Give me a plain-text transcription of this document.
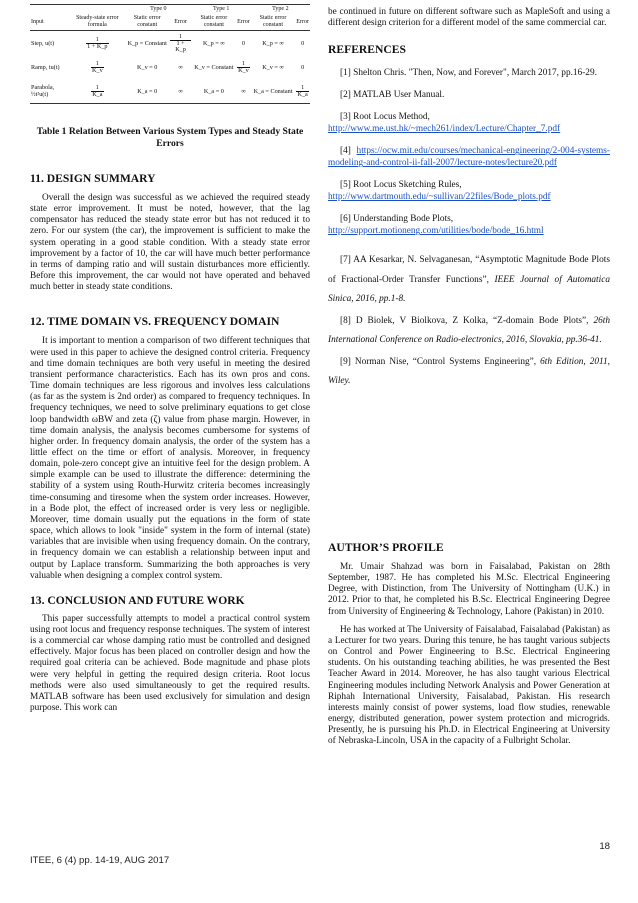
		Type 0		Type 1		Type 2	
Input	Steady-state error formula	Static error constant	Error	Static error constant	Error	Static error constant	Error
Step, u(t)	$\frac{1}{1 + K\_p}$	K_p = Constant	$\frac{1}{1 + K\_p}$	K_p = ∞	0	K_p = ∞	0
Ramp, tu(t)	$\frac{1}{K\_v}$	K_v = 0	∞	K_v = Constant	$\frac{1}{K\_v}$	K_v = ∞	0
Parabola, ½t²u(t)	$\frac{1}{K\_a}$	K_a = 0	∞	K_a = 0	∞	K_a = Constant	$\frac{1}{K\_a}$

Table 1 Relation Between Various System Types and Steady State Errors

11. DESIGN SUMMARY

Overall the design was successful as we achieved the required steady state error improvement. It must be noted, however, that the lag compensator has reduced the steady state error but has not reduced it to zero. For our system (the car), the improvement is sufficient to make the system operating in a good stable condition. With a steady state error improvement by a factor of 10, the car will have much better performance in terms of damping ratio and will sustain disturbances more efficiently. Before this improvement, the car would not have operated and behaved much better in steady state conditions.

12. TIME DOMAIN VS. FREQUENCY DOMAIN

It is important to mention a comparison of two different techniques that were used in this paper to achieve the designed control criteria. Frequency and time domain techniques are both very useful in meeting the desired transient performance characteristics. Each has its own pros and cons. Time domain techniques are less rigorous and involves less calculations (as far as the system is 2nd order) as compared to frequency techniques. In frequency techniques, we need to solve preliminary equations to get close loop bandwidth ωBW and zeta (ζ) value from phase margin. However, in time domain analysis, the analysis becomes cumbersome for systems of higher order. In frequency domain analysis, the order of the system has a little effect on the time or effort of analysis. Moreover, in frequency domain, pole-zero concept give an intuitive feel for the design problem. A simple example can be used to illustrate the difference: determining the stability of a system using Routh-Hurwitz criteria becomes increasingly time-consuming and tiresome when the system order increases. However, in a Bode plot, the effect of increased order is very less or negligible. Moreover, time domain usually put the equations in the form of state space, which allows to look "inside" system in the form of internal (state) variables that are invisible when using frequency domain. On the contrary, in frequency domain we can establish a relationship between input and output by Laplace transform. Summarizing the both approaches is very valuable when designing a complex control system.

13. CONCLUSION AND FUTURE WORK

This paper successfully attempts to model a practical control system using root locus and frequency response techniques. The system of interest is a commercial car whose damping ratio must be controlled and designed effectively. Major focus has been placed on controller design and how the required goal criteria can be achieved. Bode magnitude and phase plots were very helpful in getting the required design criteria. Root locus methods were also used simultaneously to get the required results. MATLAB software has been used exclusively for simulation and design purpose. This work can

be continued in future on different software such as MapleSoft and using a different design criterion for a different model of the same commercial car.

REFERENCES

[1] Shelton Chris. "Then, Now, and Forever", March 2017, pp.16-29.

[2] MATLAB User Manual.

[3] Root Locus Method,
http://www.me.ust.hk/~mech261/index/Lecture/Chapter_7.pdf

[4] https://ocw.mit.edu/courses/mechanical-engineering/2-004-systems-modeling-and-control-ii-fall-2007/lecture-notes/lecture20.pdf

[5] Root Locus Sketching Rules,
http://www.dartmouth.edu/~sullivan/22files/Bode_plots.pdf

[6] Understanding Bode Plots,
http://support.motioneng.com/utilities/bode/bode_16.html

[7] AA Kesarkar, N. Selvaganesan, “Asymptotic Magnitude Bode Plots of Fractional-Order Transfer Functions”, IEEE Journal of Automatica Sinica, 2016, pp.1-8.

[8] D Biolek, V Biolkova, Z Kolka, “Z-domain Bode Plots”, 26th International Conference on Radio-electronics, 2016, Slovakia, pp.36-41.

[9] Norman Nise, “Control Systems Engineering”, 6th Edition, 2011, Wiley.

AUTHOR’S PROFILE

Mr. Umair Shahzad was born in Faisalabad, Pakistan on 28th September, 1987. He has completed his M.Sc. Electrical Engineering Degree, with Distinction, from The University of Nottingham (U.K.) in 2012. Prior to that, he completed his B.Sc. Electrical Engineering Degree from University of Engineering & Technology, Lahore (Pakistan) in 2010.

He has worked at The University of Faisalabad, Faisalabad (Pakistan) as a Lecturer for two years. During this tenure, he has taught various subjects on Control and Power Engineering to B.Sc. Electrical Engineering students. On his outstanding teaching abilities, he was presented the Best Teacher Award in 2014. Moreover, he has also taught various Electrical Engineering modules including Network Analysis and Power Generation at Riphah International University, Faisalabad, Pakistan. His research interests mainly consist of power systems, load flow studies, renewable energy, distributed generation, power system protection and microgrids. Presently, he is pursuing his Ph.D. in Electrical Engineering at University of Nebraska-Lincoln, USA in the capacity of a Fulbright Scholar.

18
ITEE, 6 (4) pp. 14-19, AUG 2017
